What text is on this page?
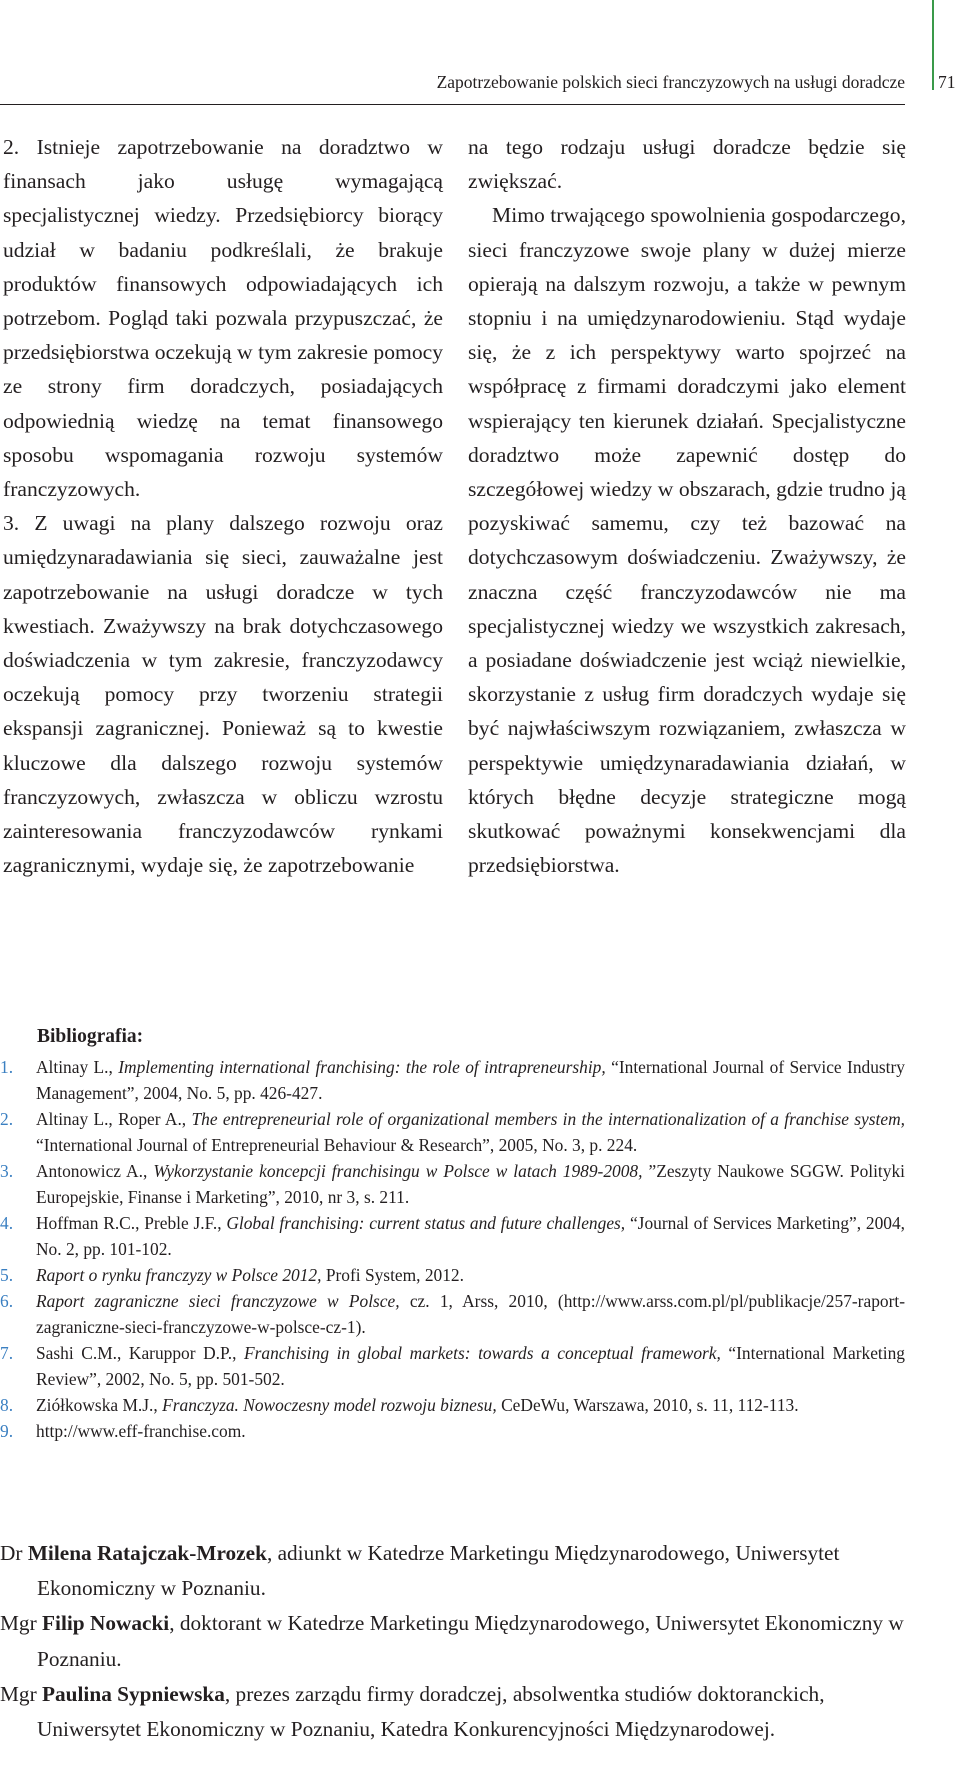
Zapotrzebowanie polskich sieci franczyzowych na usługi doradcze 71

2. Istnieje zapotrzebowanie na doradztwo w finansach jako usługę wymagającą specjalistycznej wiedzy. Przedsiębiorcy biorący udział w badaniu podkreślali, że brakuje produktów finansowych odpowiadających ich potrzebom. Pogląd taki pozwala przypuszczać, że przedsiębiorstwa oczekują w tym zakresie pomocy ze strony firm doradczych, posiadających odpowiednią wiedzę na temat finansowego sposobu wspomagania rozwoju systemów franczyzowych.

3. Z uwagi na plany dalszego rozwoju oraz umiędzynaradawiania się sieci, zauważalne jest zapotrzebowanie na usługi doradcze w tych kwestiach. Zważywszy na brak dotychczasowego doświadczenia w tym zakresie, franczyzodawcy oczekują pomocy przy tworzeniu strategii ekspansji zagranicznej. Ponieważ są to kwestie kluczowe dla dalszego rozwoju systemów franczyzowych, zwłaszcza w obliczu wzrostu zainteresowania franczyzodawców rynkami zagranicznymi, wydaje się, że zapotrzebowanie

na tego rodzaju usługi doradcze będzie się zwiększać.

Mimo trwającego spowolnienia gospodarczego, sieci franczyzowe swoje plany w dużej mierze opierają na dalszym rozwoju, a także w pewnym stopniu i na umiędzynarodowieniu. Stąd wydaje się, że z ich perspektywy warto spojrzeć na współpracę z firmami doradczymi jako element wspierający ten kierunek działań. Specjalistyczne doradztwo może zapewnić dostęp do szczegółowej wiedzy w obszarach, gdzie trudno ją pozyskiwać samemu, czy też bazować na dotychczasowym doświadczeniu. Zważywszy, że znaczna część franczyzodawców nie ma specjalistycznej wiedzy we wszystkich zakresach, a posiadane doświadczenie jest wciąż niewielkie, skorzystanie z usług firm doradczych wydaje się być najwłaściwszym rozwiązaniem, zwłaszcza w perspektywie umiędzynaradawiania działań, w których błędne decyzje strategiczne mogą skutkować poważnymi konsekwencjami dla przedsiębiorstwa.

Bibliografia:
1. Altinay L., Implementing international franchising: the role of intrapreneurship, “International Journal of Service Industry Management”, 2004, No. 5, pp. 426-427.
2. Altinay L., Roper A., The entrepreneurial role of organizational members in the internationalization of a franchise system, “International Journal of Entrepreneurial Behaviour & Research”, 2005, No. 3, p. 224.
3. Antonowicz A., Wykorzystanie koncepcji franchisingu w Polsce w latach 1989-2008, ”Zeszyty Naukowe SGGW. Polityki Europejskie, Finanse i Marketing”, 2010, nr 3, s. 211.
4. Hoffman R.C., Preble J.F., Global franchising: current status and future challenges, “Journal of Services Marketing”, 2004, No. 2, pp. 101-102.
5. Raport o rynku franczyzy w Polsce 2012, Profi System, 2012.
6. Raport zagraniczne sieci franczyzowe w Polsce, cz. 1, Arss, 2010, (http://www.arss.com.pl/pl/publikacje/257-raport-zagraniczne-sieci-franczyzowe-w-polsce-cz-1).
7. Sashi C.M., Karuppor D.P., Franchising in global markets: towards a conceptual framework, “International Marketing Review”, 2002, No. 5, pp. 501-502.
8. Ziółkowska M.J., Franczyza. Nowoczesny model rozwoju biznesu, CeDeWu, Warszawa, 2010, s. 11, 112-113.
9. http://www.eff-franchise.com.

Dr Milena Ratajczak-Mrozek, adiunkt w Katedrze Marketingu Międzynarodowego, Uniwersytet Ekonomiczny w Poznaniu.

Mgr Filip Nowacki, doktorant w Katedrze Marketingu Międzynarodowego, Uniwersytet Ekonomiczny w Poznaniu.

Mgr Paulina Sypniewska, prezes zarządu firmy doradczej, absolwentka studiów doktoranckich, Uniwersytet Ekonomiczny w Poznaniu, Katedra Konkurencyjności Międzynarodowej.
